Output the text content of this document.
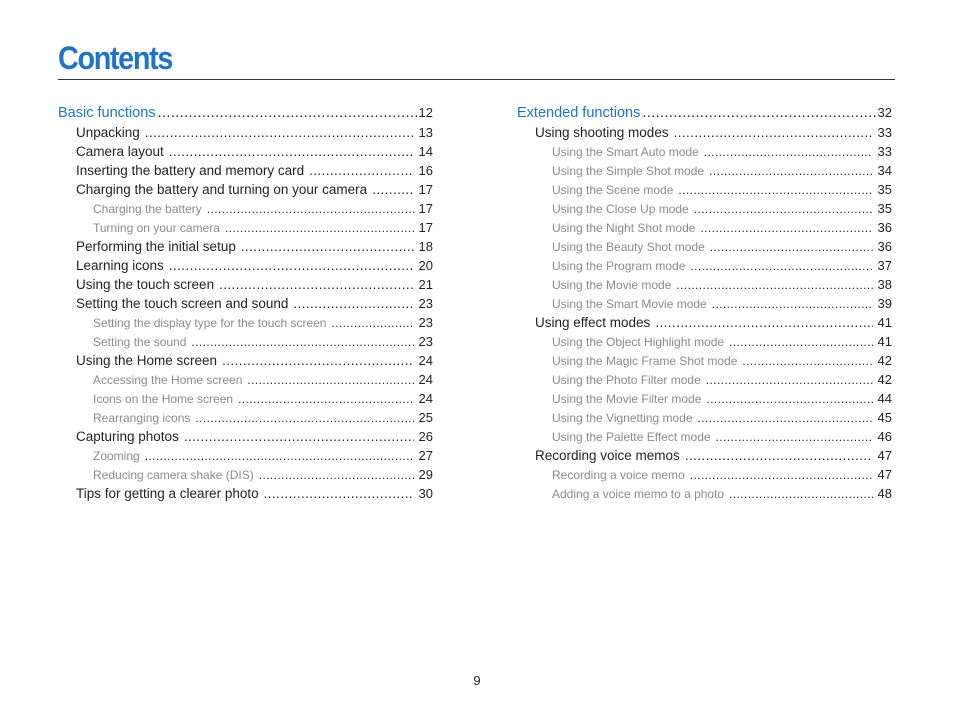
Contents
Basic functions .....	12
Unpacking .....	13
Camera layout .....	14
Inserting the battery and memory card .....	16
Charging the battery and turning on your camera .....	17
Charging the battery .....	17
Turning on your camera .....	17
Performing the initial setup .....	18
Learning icons .....	20
Using the touch screen .....	21
Setting the touch screen and sound .....	23
Setting the display type for the touch screen .....	23
Setting the sound .....	23
Using the Home screen .....	24
Accessing the Home screen .....	24
Icons on the Home screen .....	24
Rearranging icons .....	25
Capturing photos .....	26
Zooming .....	27
Reducing camera shake (DIS) .....	29
Tips for getting a clearer photo .....	30
Extended functions .....	32
Using shooting modes .....	33
Using the Smart Auto mode .....	33
Using the Simple Shot mode .....	34
Using the Scene mode .....	35
Using the Close Up mode .....	35
Using the Night Shot mode .....	36
Using the Beauty Shot mode .....	36
Using the Program mode .....	37
Using the Movie mode .....	38
Using the Smart Movie mode .....	39
Using effect modes .....	41
Using the Object Highlight mode .....	41
Using the Magic Frame Shot mode .....	42
Using the Photo Filter mode .....	42
Using the Movie Filter mode .....	44
Using the Vignetting mode .....	45
Using the Palette Effect mode .....	46
Recording voice memos .....	47
Recording a voice memo .....	47
Adding a voice memo to a photo .....	48
9
